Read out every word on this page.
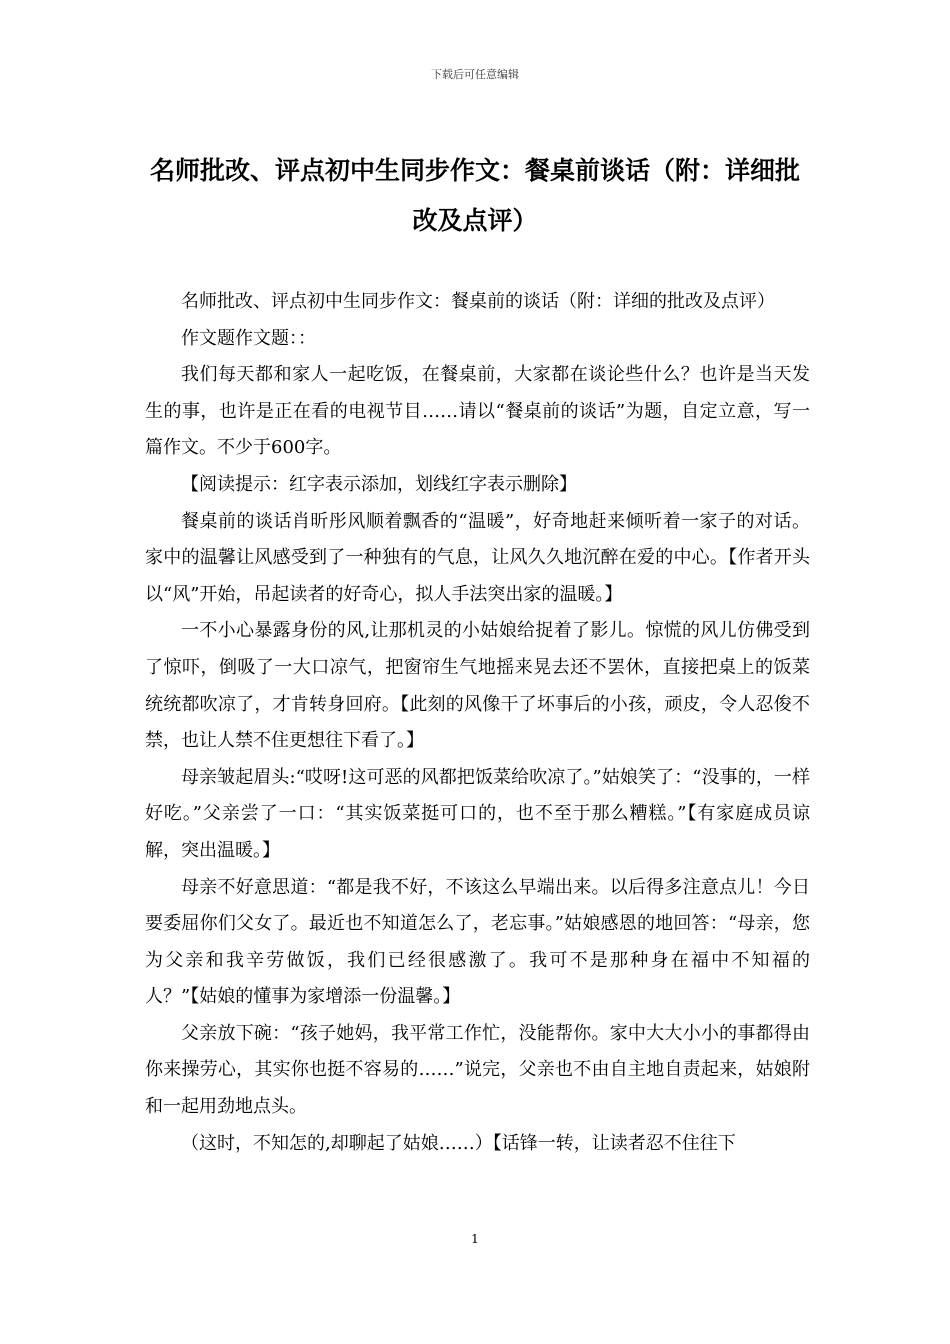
下载后可任意编辑
名师批改、评点初中生同步作文：餐桌前谈话（附：详细批改及点评）

名师批改、评点初中生同步作文：餐桌前的谈话（附：详细的批改及点评）

作文题作文题：：

我们每天都和家人一起吃饭，在餐桌前，大家都在谈论些什么？也许是当天发生的事，也许是正在看的电视节目……请以“餐桌前的谈话”为题，自定立意，写一篇作文。不少于600字。

【阅读提示：红字表示添加，划线红字表示删除】

餐桌前的谈话肖昕彤风顺着飘香的“温暖”，好奇地赶来倾听着一家子的对话。家中的温馨让风感受到了一种独有的气息，让风久久地沉醉在爱的中心。【作者开头以“风”开始，吊起读者的好奇心，拟人手法突出家的温暖。】

一不小心暴露身份的风,让那机灵的小姑娘给捉着了影儿。惊慌的风儿仿佛受到了惊吓，倒吸了一大口凉气，把窗帘生气地摇来晃去还不罢休，直接把桌上的饭菜统统都吹凉了，才肯转身回府。【此刻的风像干了坏事后的小孩，顽皮，令人忍俊不禁，也让人禁不住更想往下看了。】

母亲皱起眉头:“哎呀!这可恶的风都把饭菜给吹凉了。”姑娘笑了：“没事的，一样好吃。”父亲尝了一口：“其实饭菜挺可口的，也不至于那么糟糕。”【有家庭成员谅解，突出温暖。】

母亲不好意思道：“都是我不好，不该这么早端出来。以后得多注意点儿！今日要委屈你们父女了。最近也不知道怎么了，老忘事。”姑娘感恩的地回答：“母亲，您为父亲和我辛劳做饭，我们已经很感激了。我可不是那种身在福中不知福的人？”【姑娘的懂事为家增添一份温馨。】

父亲放下碗：“孩子她妈，我平常工作忙，没能帮你。家中大大小小的事都得由你来操劳心，其实你也挺不容易的……”说完，父亲也不由自主地自责起来，姑娘附和一起用劲地点头。

（这时，不知怎的,却聊起了姑娘……）【话锋一转，让读者忍不住往下

1
